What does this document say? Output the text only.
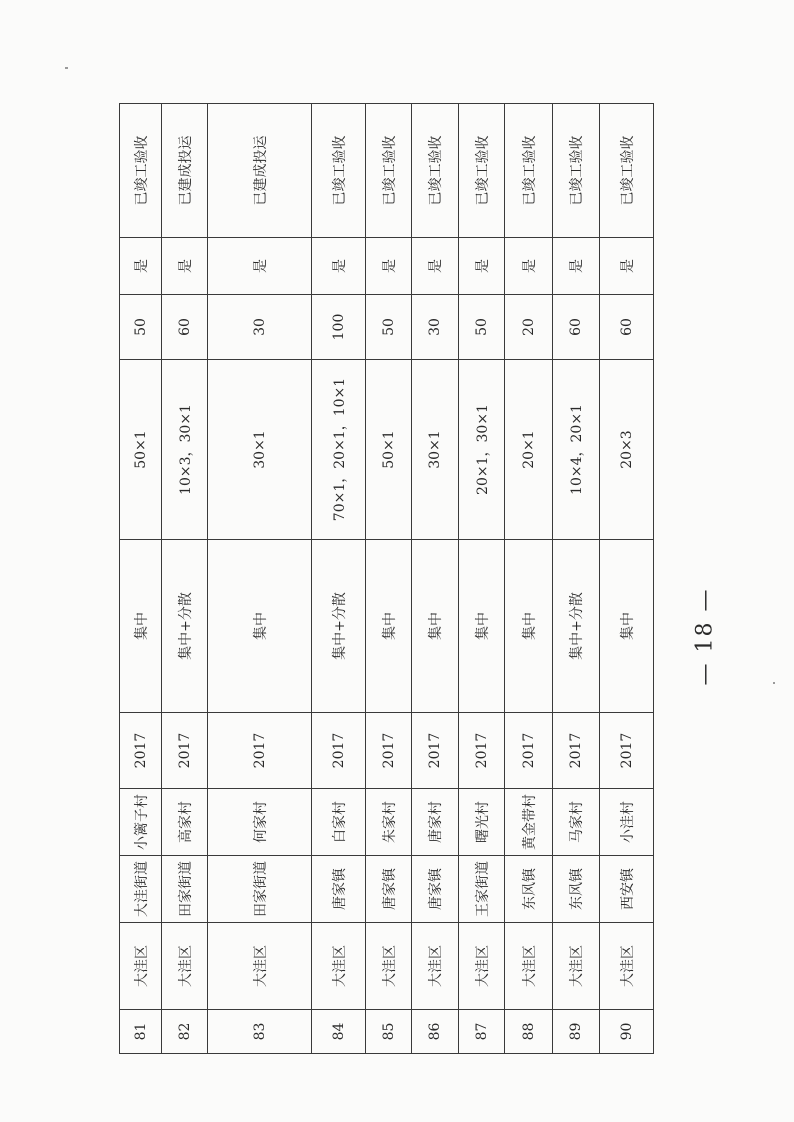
81	大洼区	大洼街道	小篱子村	2017	集中	50×1	50	是	已竣工验收
82	大洼区	田家街道	高家村	2017	集中+分散	10×3，30×1	60	是	已建成投运
83	大洼区	田家街道	何家村	2017	集中	30×1	30	是	已建成投运
84	大洼区	唐家镇	白家村	2017	集中+分散	70×1，20×1，10×1	100	是	已竣工验收
85	大洼区	唐家镇	朱家村	2017	集中	50×1	50	是	已竣工验收
86	大洼区	唐家镇	唐家村	2017	集中	30×1	30	是	已竣工验收
87	大洼区	王家街道	曙光村	2017	集中	20×1，30×1	50	是	已竣工验收
88	大洼区	东风镇	黄金带村	2017	集中	20×1	20	是	已竣工验收
89	大洼区	东风镇	马家村	2017	集中+分散	10×4，20×1	60	是	已竣工验收
90	大洼区	西安镇	小洼村	2017	集中	20×3	60	是	已竣工验收
— 18 —
